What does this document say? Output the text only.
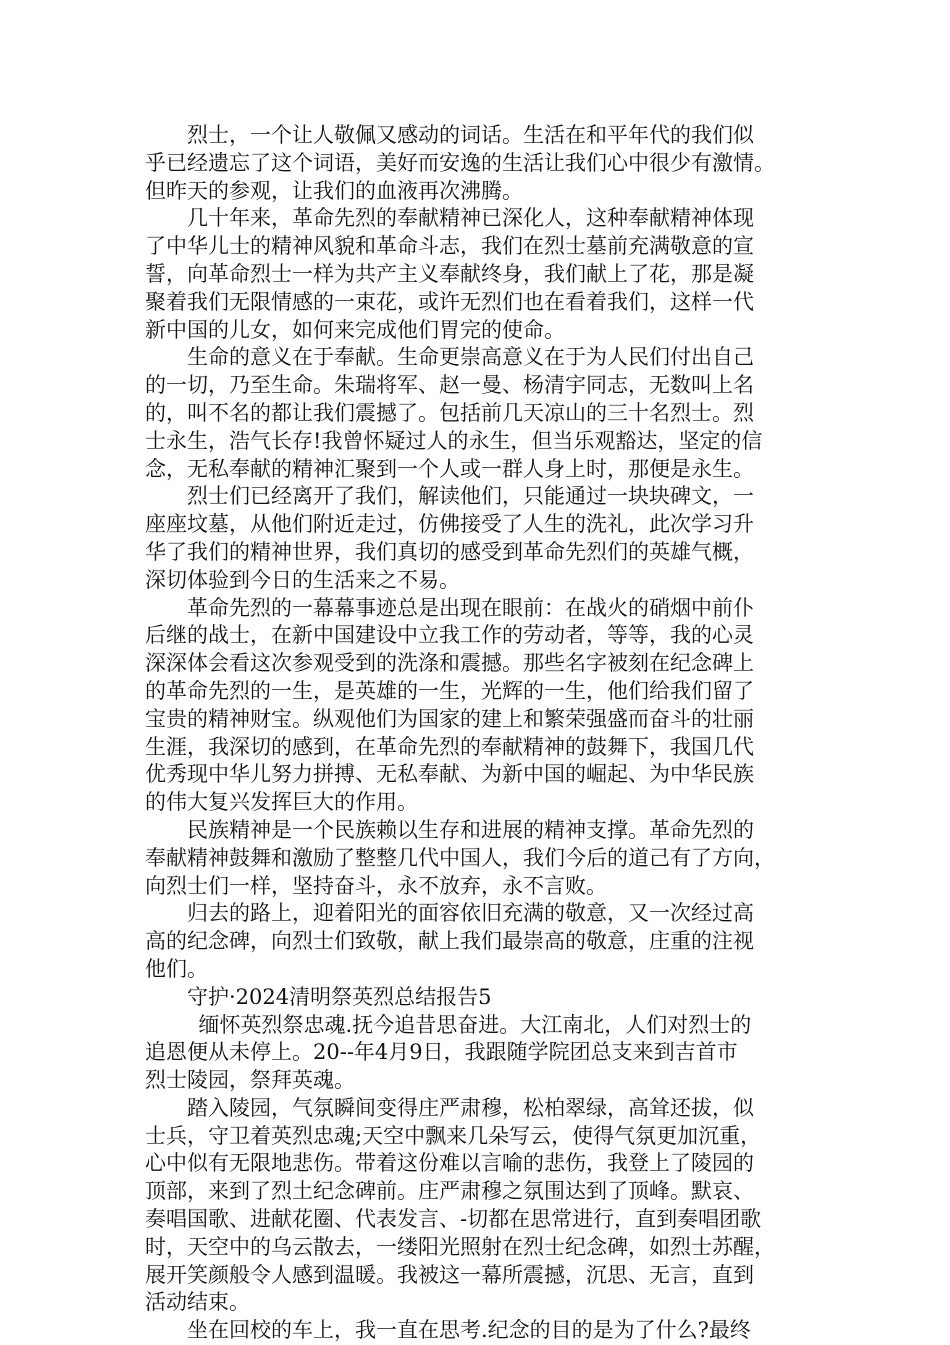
烈士，一个让人敬佩又感动的词话。生活在和平年代的我们似
乎已经遗忘了这个词语，美好而安逸的生活让我们心中很少有激情。
但昨天的参观，让我们的血液再次沸腾。

几十年来，革命先烈的奉献精神已深化人，这种奉献精神体现
了中华儿士的精神风貌和革命斗志，我们在烈士墓前充满敬意的宣
誓，向革命烈士一样为共产主义奉献终身，我们献上了花，那是凝
聚着我们无限情感的一束花，或许无烈们也在看着我们，这样一代
新中国的儿女，如何来完成他们胃完的使命。

生命的意义在于奉献。生命更崇高意义在于为人民们付出自己
的一切，乃至生命。朱瑞将军、赵一曼、杨清宇同志，无数叫上名
的，叫不名的都让我们震撼了。包括前几天凉山的三十名烈士。烈
士永生，浩气长存!我曾怀疑过人的永生，但当乐观豁达，坚定的信
念，无私奉献的精神汇聚到一个人或一群人身上时，那便是永生。

烈士们已经离开了我们，解读他们，只能通过一块块碑文，一
座座坟墓，从他们附近走过，仿佛接受了人生的洗礼，此次学习升
华了我们的精神世界，我们真切的感受到革命先烈们的英雄气概，
深切体验到今日的生活来之不易。

革命先烈的一幕幕事迹总是出现在眼前：在战火的硝烟中前仆
后继的战士，在新中国建设中立我工作的劳动者，等等，我的心灵
深深体会看这次参观受到的洗涤和震撼。那些名字被刻在纪念碑上
的革命先烈的一生，是英雄的一生，光辉的一生，他们给我们留了
宝贵的精神财宝。纵观他们为国家的建上和繁荣强盛而奋斗的壮丽
生涯，我深切的感到，在革命先烈的奉献精神的鼓舞下，我国几代
优秀现中华儿努力拼搏、无私奉献、为新中国的崛起、为中华民族
的伟大复兴发挥巨大的作用。

民族精神是一个民族赖以生存和进展的精神支撑。革命先烈的
奉献精神鼓舞和激励了整整几代中国人，我们今后的道己有了方向，
向烈士们一样，坚持奋斗，永不放弃，永不言败。

归去的路上，迎着阳光的面容依旧充满的敬意，又一次经过高
高的纪念碑，向烈士们致敬，献上我们最崇高的敬意，庄重的注视
他们。

守护·2024清明祭英烈总结报告5

缅怀英烈祭忠魂.抚今追昔思奋进。大江南北，人们对烈士的
追恩便从未停上。20--年4月9日，我跟随学院团总支来到吉首市
烈士陵园，祭拜英魂。

踏入陵园，气氛瞬间变得庄严肃穆，松柏翠绿，高耸还拔，似
士兵，守卫着英烈忠魂;天空中飘来几朵写云，使得气氛更加沉重，
心中似有无限地悲伤。带着这份难以言喻的悲伤，我登上了陵园的
顶部，来到了烈土纪念碑前。庄严肃穆之氛围达到了顶峰。默哀、
奏唱国歌、进献花圈、代表发言、-切都在思常进行，直到奏唱团歌
时，天空中的乌云散去，一缕阳光照射在烈士纪念碑，如烈士苏醒，
展开笑颜般令人感到温暖。我被这一幕所震撼，沉思、无言，直到
活动结束。

坐在回校的车上，我一直在思考.纪念的目的是为了什么?最终
